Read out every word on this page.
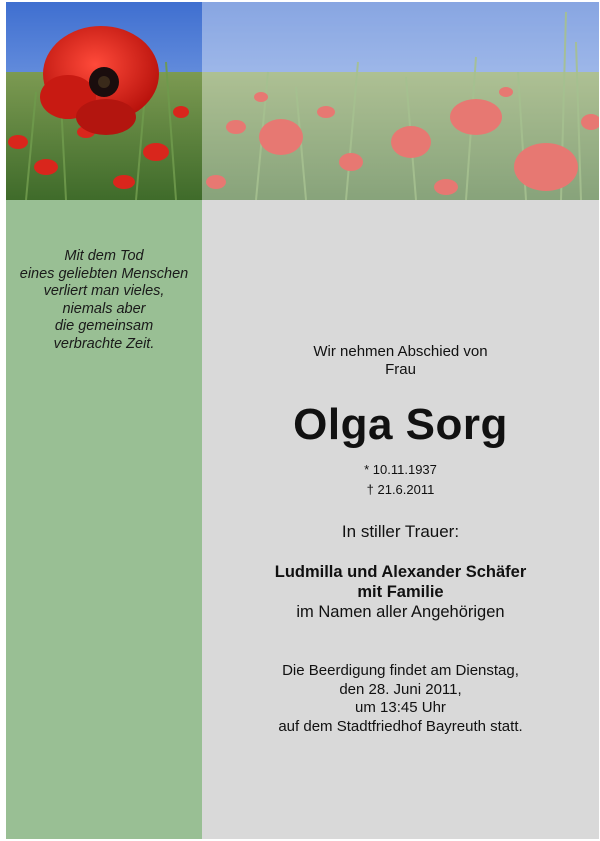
Mit dem Tod
eines geliebten Menschen
verliert man vieles,
niemals aber
die gemeinsam
verbrachte Zeit.	Wir nehmen Abschied von
Frau
Olga Sorg
* 10.11.1937
† 21.6.2011
In stiller Trauer:
Ludmilla und Alexander Schäfer
mit Familie
im Namen aller Angehörigen
Die Beerdigung findet am Dienstag,
den 28. Juni 2011,
um 13:45 Uhr
auf dem Stadtfriedhof Bayreuth statt.
